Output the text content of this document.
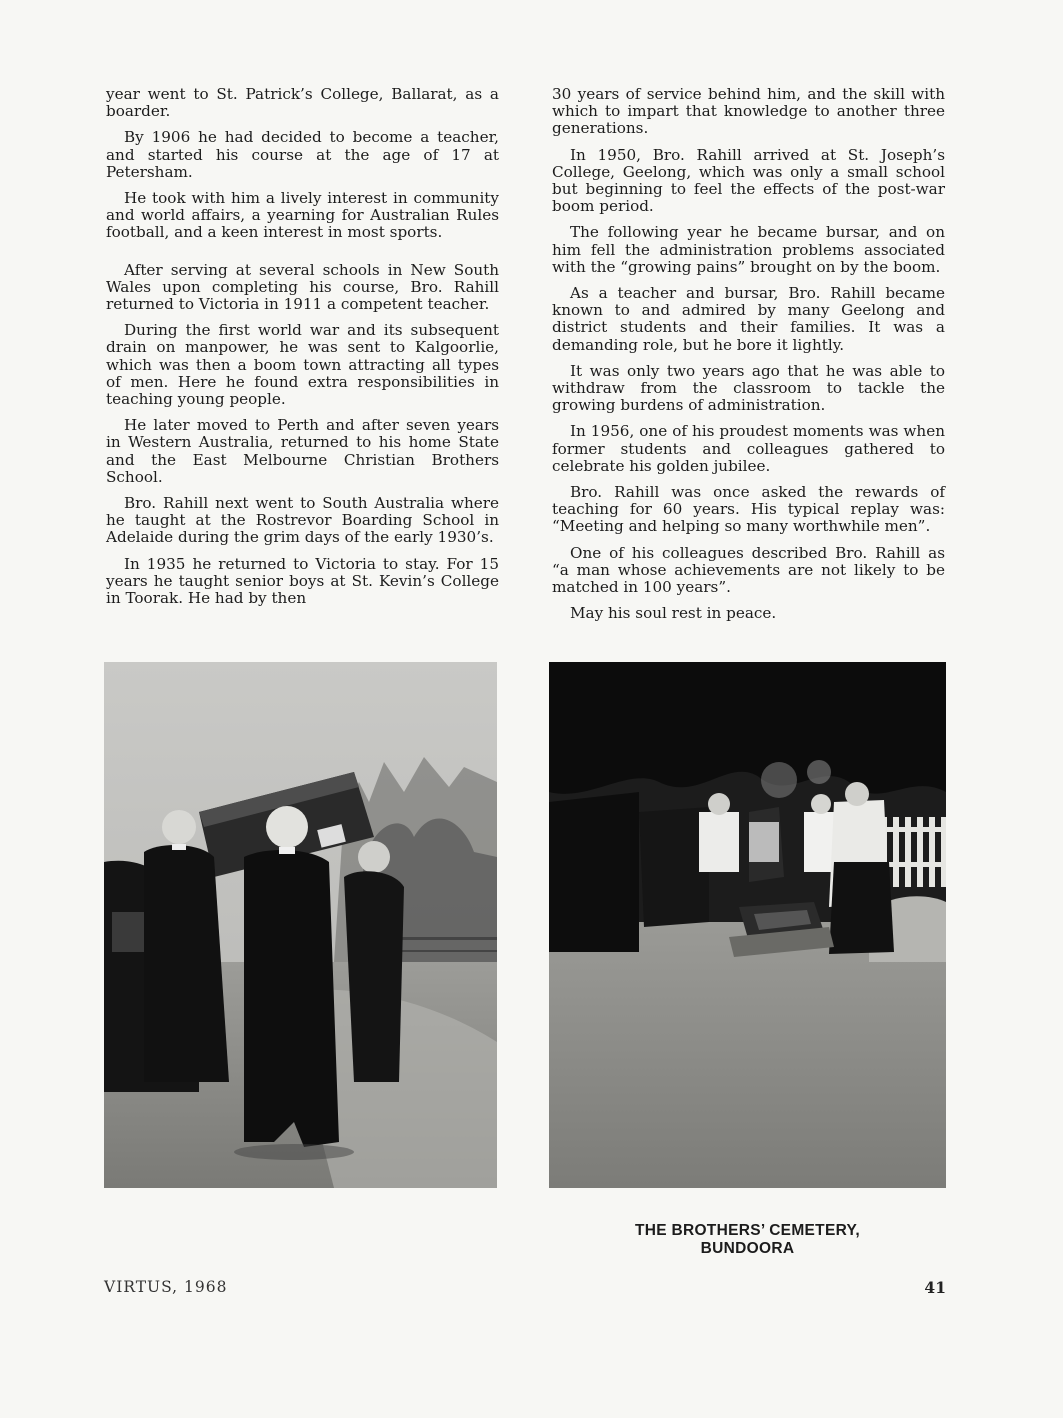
year went to St. Patrick’s College, Ballarat, as a boarder.

By 1906 he had decided to become a teacher, and started his course at the age of 17 at Petersham.

He took with him a lively interest in community and world affairs, a yearning for Australian Rules football, and a keen interest in most sports.

After serving at several schools in New South Wales upon completing his course, Bro. Rahill returned to Victoria in 1911 a competent teacher.

During the first world war and its subsequent drain on manpower, he was sent to Kalgoorlie, which was then a boom town attracting all types of men. Here he found extra responsibilities in teaching young people.

He later moved to Perth and after seven years in Western Australia, returned to his home State and the East Melbourne Christian Brothers School.

Bro. Rahill next went to South Australia where he taught at the Rostrevor Boarding School in Adelaide during the grim days of the early 1930’s.

In 1935 he returned to Victoria to stay. For 15 years he taught senior boys at St. Kevin’s College in Toorak. He had by then

30 years of service behind him, and the skill with which to impart that knowledge to another three generations.

In 1950, Bro. Rahill arrived at St. Joseph’s College, Geelong, which was only a small school but beginning to feel the effects of the post-war boom period.

The following year he became bursar, and on him fell the administration problems associated with the “growing pains” brought on by the boom.

As a teacher and bursar, Bro. Rahill became known to and admired by many Geelong and district students and their families. It was a demanding role, but he bore it lightly.

It was only two years ago that he was able to withdraw from the classroom to tackle the growing burdens of administration.

In 1956, one of his proudest moments was when former students and colleagues gathered to celebrate his golden jubilee.

Bro. Rahill was once asked the rewards of teaching for 60 years. His typical replay was: “Meeting and helping so many worthwhile men”.

One of his colleagues described Bro. Rahill as “a man whose achievements are not likely to be matched in 100 years”.

May his soul rest in peace.

THE BROTHERS’ CEMETERY,
BUNDOORA
VIRTUS, 1968	41
